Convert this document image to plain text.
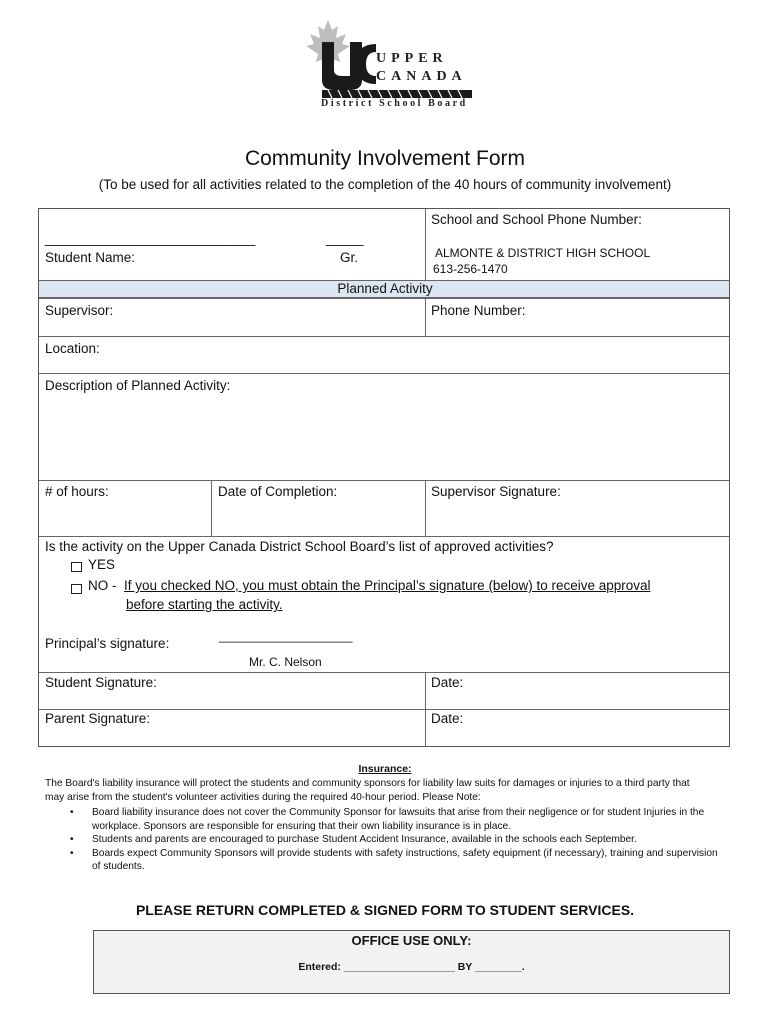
UPPER
CANADA
District School Board
Community Involvement Form
(To be used for all activities related to the completion of the 40 hours of community involvement)
____________________________
Student Name:
_____
Gr.
School and School Phone Number:
ALMONTE & DISTRICT HIGH SCHOOL
613-256-1470
Planned Activity
Supervisor:	Phone Number:
Location:
Description of Planned Activity:
# of hours:	Date of Completion:	Supervisor Signature:
Is the activity on the Upper Canada District School Board’s list of approved activities?
YES
NO - If you checked NO, you must obtain the Principal’s signature (below) to receive approval
before starting the activity.
Principal’s signature:	____________________
Mr. C. Nelson
Student Signature:	Date:
Parent Signature:	Date:
Insurance:
The Board's liability insurance will protect the students and community sponsors for liability law suits for damages or injuries to a third party that may arise from the student's volunteer activities during the required 40-hour period. Please Note:
• Board liability insurance does not cover the Community Sponsor for lawsuits that arise from their negligence or for student Injuries in the workplace. Sponsors are responsible for ensuring that their own liability insurance is in place.
• Students and parents are encouraged to purchase Student Accident Insurance, available in the schools each September.
• Boards expect Community Sponsors will provide students with safety instructions, safety equipment (if necessary), training and supervision of students.
PLEASE RETURN COMPLETED & SIGNED FORM TO STUDENT SERVICES.
OFFICE USE ONLY:
Entered: ___________________ BY ________.
